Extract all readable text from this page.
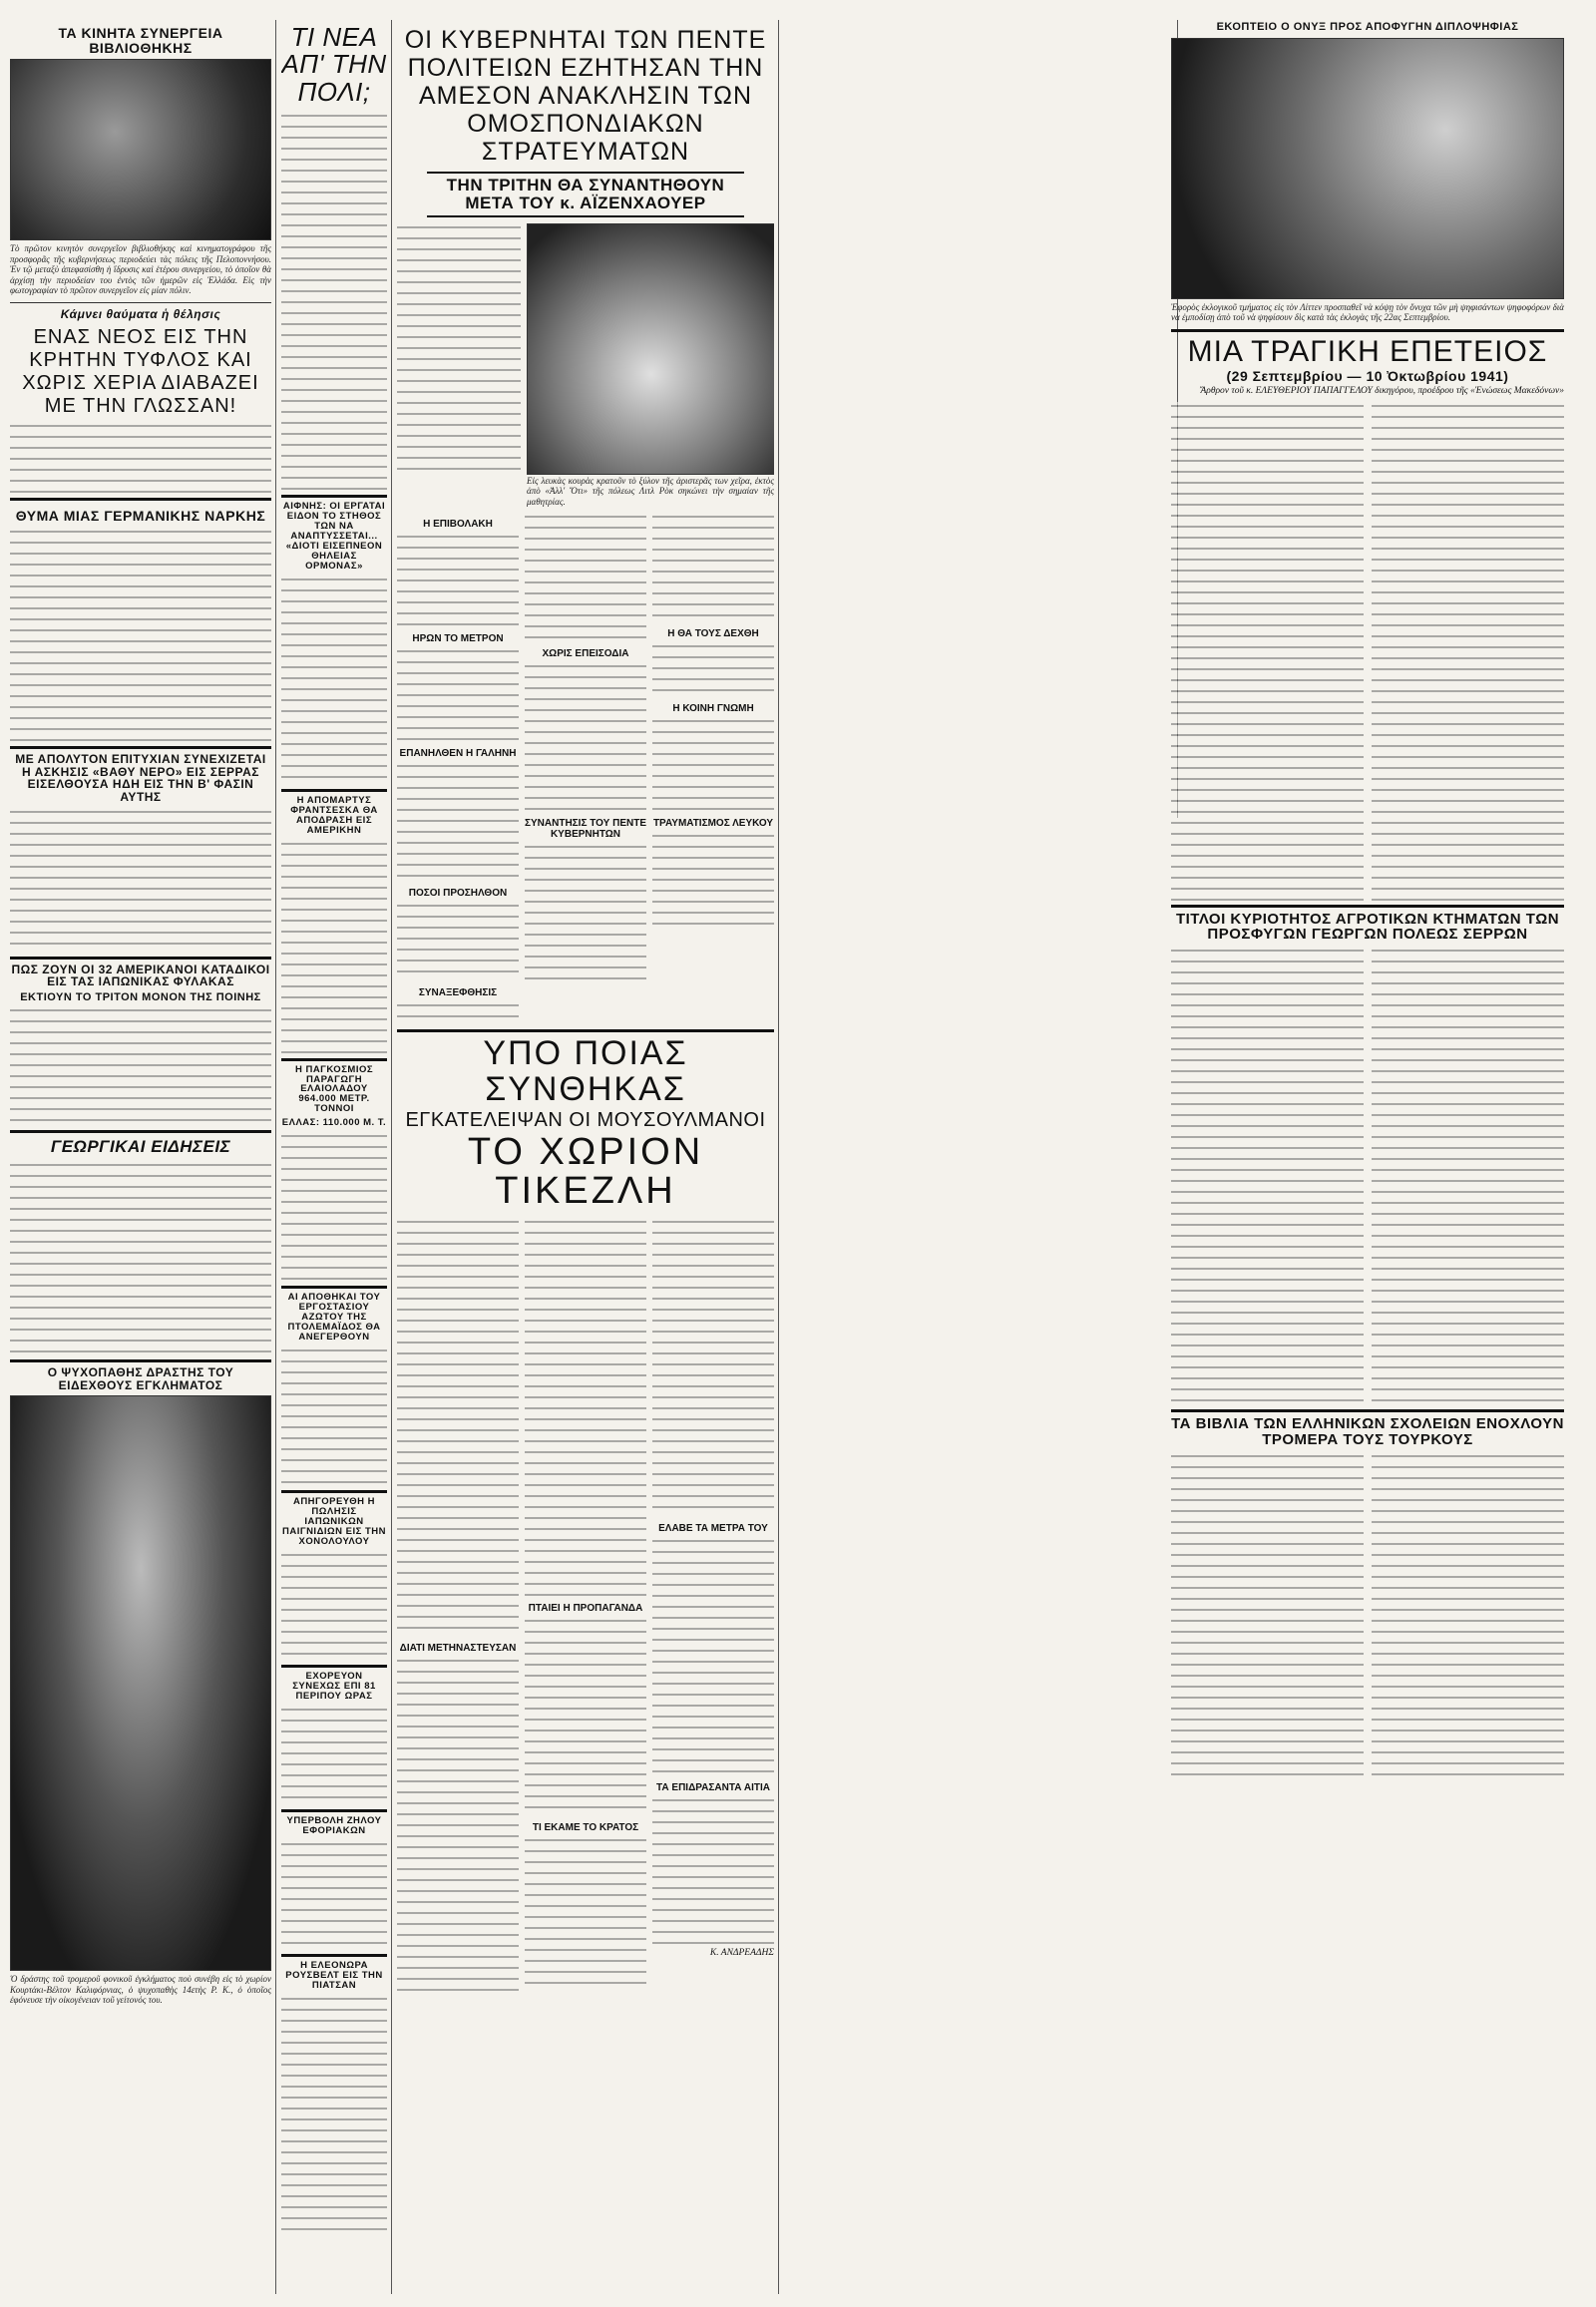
ΤΑ ΚΙΝΗΤΑ ΣΥΝΕΡΓΕΙΑ ΒΙΒΛΙΟΘΗΚΗΣ
Τὸ πρῶτον κινητὸν συνεργεῖον βιβλιοθήκης καὶ κινηματογράφου τῆς προσφορᾶς τῆς κυβερνήσεως περιοδεύει τὰς πόλεις τῆς Πελοποννήσου. Ἐν τῷ μεταξὺ ἀπεφασίσθη ἡ ἵδρυσις καὶ ἑτέρου συνεργείου, τὸ ὁποῖον θὰ ἀρχίσῃ τὴν περιοδείαν του ἐντὸς τῶν ἡμερῶν εἰς Ἑλλάδα. Εἰς τὴν φωτογραφίαν τὸ πρῶτον συνεργεῖον εἰς μίαν πόλιν.
Κάμνει θαύματα ἡ θέλησις
ΕΝΑΣ ΝΕΟΣ ΕΙΣ ΤΗΝ ΚΡΗΤΗΝ ΤΥΦΛΟΣ ΚΑΙ ΧΩΡΙΣ ΧΕΡΙΑ ΔΙΑΒΑΖΕΙ ΜΕ ΤΗΝ ΓΛΩΣΣΑΝ!
ΘΥΜΑ ΜΙΑΣ ΓΕΡΜΑΝΙΚΗΣ ΝΑΡΚΗΣ
ΜΕ ΑΠΟΛΥΤΟΝ ΕΠΙΤΥΧΙΑΝ ΣΥΝΕΧΙΖΕΤΑΙ Η ΑΣΚΗΣΙΣ «ΒΑΘΥ ΝΕΡΟ» ΕΙΣ ΣΕΡΡΑΣ ΕΙΣΕΛΘΟΥΣΑ ΗΔΗ ΕΙΣ ΤΗΝ Β' ΦΑΣΙΝ ΑΥΤΗΣ
ΠΩΣ ΖΟΥΝ ΟΙ 32 ΑΜΕΡΙΚΑΝΟΙ ΚΑΤΑΔΙΚΟΙ ΕΙΣ ΤΑΣ ΙΑΠΩΝΙΚΑΣ ΦΥΛΑΚΑΣ
ΕΚΤΙΟΥΝ ΤΟ ΤΡΙΤΟΝ ΜΟΝΟΝ ΤΗΣ ΠΟΙΝΗΣ
ΓΕΩΡΓΙΚΑΙ ΕΙΔΗΣΕΙΣ
Ο ΨΥΧΟΠΑΘΗΣ ΔΡΑΣΤΗΣ ΤΟΥ ΕΙΔΕΧΘΟΥΣ ΕΓΚΛΗΜΑΤΟΣ
Ὁ δράστης τοῦ τρομεροῦ φονικοῦ ἐγκλήματος ποὺ συνέβη εἰς τὸ χωρίον Κουρτάκι-Βέλτον Καλιφόρνιας, ὁ ψυχοπαθὴς 14ετὴς Ρ. Κ., ὁ ὁποῖος ἐφόνευσε τὴν οἰκογένειαν τοῦ γείτονός του.
ΤΙ ΝΕΑ ΑΠ' ΤΗΝ ΠΟΛΙ;
ΑΙΦΝΗΣ: ΟΙ ΕΡΓΑΤΑΙ ΕΙΔΟΝ ΤΟ ΣΤΗΘΟΣ ΤΩΝ ΝΑ ΑΝΑΠΤΥΣΣΕΤΑΙ... «ΔΙΟΤΙ ΕΙΣΕΠΝΕΟΝ ΘΗΛΕΙΑΣ ΟΡΜΟΝΑΣ»
Η ΑΠΟΜΑΡΤΥΣ ΦΡΑΝΤΣΕΣΚΑ ΘΑ ΑΠΟΔΡΑΣΗ ΕΙΣ ΑΜΕΡΙΚΗΝ
Η ΠΑΓΚΟΣΜΙΟΣ ΠΑΡΑΓΩΓΗ ΕΛΑΙΟΛΑΔΟΥ 964.000 ΜΕΤΡ. ΤΟΝΝΟΙ
ΕΛΛΑΣ: 110.000 Μ. Τ.
ΑΙ ΑΠΟΘΗΚΑΙ ΤΟΥ ΕΡΓΟΣΤΑΣΙΟΥ ΑΖΩΤΟΥ ΤΗΣ ΠΤΟΛΕΜΑΪΔΟΣ ΘΑ ΑΝΕΓΕΡΘΟΥΝ
ΑΠΗΓΟΡΕΥΘΗ Η ΠΩΛΗΣΙΣ ΙΑΠΩΝΙΚΩΝ ΠΑΙΓΝΙΔΙΩΝ ΕΙΣ ΤΗΝ ΧΟΝΟΛΟΥΛΟΥ
ΕΧΟΡΕΥΟΝ ΣΥΝΕΧΩΣ ΕΠΙ 81 ΠΕΡΙΠΟΥ ΩΡΑΣ
ΥΠΕΡΒΟΛΗ ΖΗΛΟΥ ΕΦΟΡΙΑΚΩΝ
Η ΕΛΕΟΝΩΡΑ ΡΟΥΣΒΕΛΤ ΕΙΣ ΤΗΝ ΠΙΑΤΣΑΝ
ΟΙ ΚΥΒΕΡΝΗΤΑΙ ΤΩΝ ΠΕΝΤΕ ΠΟΛΙΤΕΙΩΝ ΕΖΗΤΗΣΑΝ ΤΗΝ ΑΜΕΣΟΝ ΑΝΑΚΛΗΣΙΝ ΤΩΝ ΟΜΟΣΠΟΝΔΙΑΚΩΝ ΣΤΡΑΤΕΥΜΑΤΩΝ
ΤΗΝ ΤΡΙΤΗΝ ΘΑ ΣΥΝΑΝΤΗΘΟΥΝ ΜΕΤΑ ΤΟΥ κ. ΑΪΖΕΝΧΑΟΥΕΡ
Εἰς λευκὰς κουρὰς κρατοῦν τὸ ξύλον τῆς ἀριστερᾶς των χεῖρα, ἐκτὸς ἀπὸ «Ἀλλ' Ὅτι» τῆς πόλεως Λιτλ Ρὸκ σηκώνει τὴν σημαίαν τῆς μαθητρίας.
Η ΕΠΙΒΟΛΑΚΗ
ΗΡΩΝ ΤΟ ΜΕΤΡΟΝ
ΕΠΑΝΗΛΘΕΝ Η ΓΑΛΗΝΗ
ΠΟΣΟΙ ΠΡΟΣΗΛΘΟΝ
ΣΥΝΑΞΕΦΘΗΣΙΣ
ΧΩΡΙΣ ΕΠΕΙΣΟΔΙΑ
ΣΥΝΑΝΤΗΣΙΣ ΤΟΥ ΠΕΝΤΕ ΚΥΒΕΡΝΗΤΩΝ
Η ΘΑ ΤΟΥΣ ΔΕΧΘΗ
Η ΚΟΙΝΗ ΓΝΩΜΗ
ΤΡΑΥΜΑΤΙΣΜΟΣ ΛΕΥΚΟΥ
ΥΠΟ ΠΟΙΑΣ ΣΥΝΘΗΚΑΣ
ΕΓΚΑΤΕΛΕΙΨΑΝ ΟΙ ΜΟΥΣΟΥΛΜΑΝΟΙ
ΤΟ ΧΩΡΙΟΝ ΤΙΚΕΖΛΗ
ΔΙΑΤΙ ΜΕΤΗΝΑΣΤΕΥΣΑΝ
ΠΤΑΙΕΙ Η ΠΡΟΠΑΓΑΝΔΑ
ΤΙ ΕΚΑΜΕ ΤΟ ΚΡΑΤΟΣ
ΕΛΑΒΕ ΤΑ ΜΕΤΡΑ ΤΟΥ
ΤΑ ΕΠΙΔΡΑΣΑΝΤΑ ΑΙΤΙΑ
Κ. ΑΝΔΡΕΑΔΗΣ
ΕΚΟΠΤΕΙΟ Ο ΟΝΥΞ ΠΡΟΣ ΑΠΟΦΥΓΗΝ ΔΙΠΛΟΨΗΦΙΑΣ
Ἐφορὸς ἐκλογικοῦ τμήματος εἰς τὸν Λίττεν προσπαθεῖ νὰ κόψῃ τὸν ὄνυχα τῶν μὴ ψηφισάντων ψηφοφόρων διὰ νὰ ἐμποδίσῃ ἀπὸ τοῦ νὰ ψηφίσουν δὶς κατὰ τὰς ἐκλογὰς τῆς 22ας Σεπτεμβρίου.
ΜΙΑ ΤΡΑΓΙΚΗ ΕΠΕΤΕΙΟΣ
(29 Σεπτεμβρίου — 10 Ὀκτωβρίου 1941)
Ἄρθρον τοῦ κ. ΕΛΕΥΘΕΡΙΟΥ ΠΑΠΑΓΓΕΛΟΥ δικηγόρου, προέδρου τῆς «Ἑνώσεως Μακεδόνων»
ΤΙΤΛΟΙ ΚΥΡΙΟΤΗΤΟΣ ΑΓΡΟΤΙΚΩΝ ΚΤΗΜΑΤΩΝ ΤΩΝ ΠΡΟΣΦΥΓΩΝ ΓΕΩΡΓΩΝ ΠΟΛΕΩΣ ΣΕΡΡΩΝ
ΤΑ ΒΙΒΛΙΑ ΤΩΝ ΕΛΛΗΝΙΚΩΝ ΣΧΟΛΕΙΩΝ ΕΝΟΧΛΟΥΝ ΤΡΟΜΕΡΑ ΤΟΥΣ ΤΟΥΡΚΟΥΣ
